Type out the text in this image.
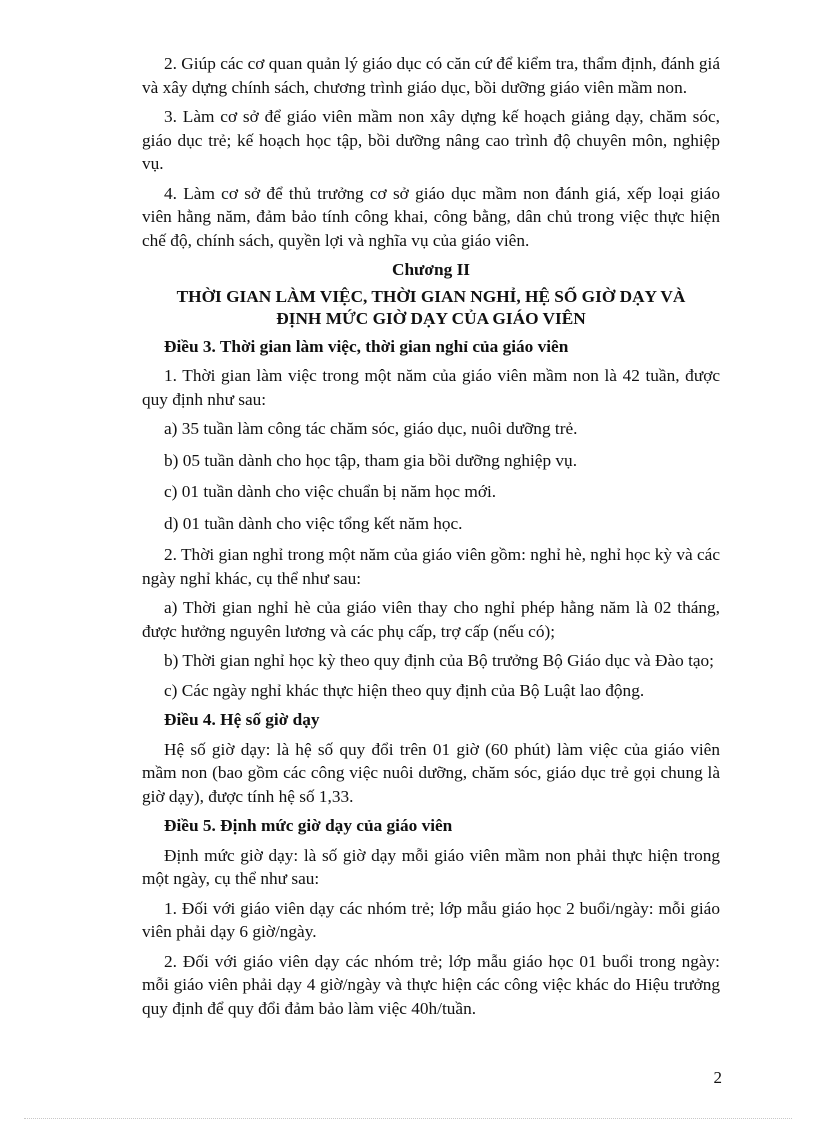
2. Giúp các cơ quan quản lý giáo dục có căn cứ để kiểm tra, thẩm định, đánh giá và xây dựng chính sách, chương trình giáo dục, bồi dưỡng giáo viên mầm non.

3. Làm cơ sở để giáo viên mầm non xây dựng kế hoạch giảng dạy, chăm sóc, giáo dục trẻ; kế hoạch học tập, bồi dưỡng nâng cao trình độ chuyên môn, nghiệp vụ.

4. Làm cơ sở để thủ trưởng cơ sở giáo dục mầm non đánh giá, xếp loại giáo viên hằng năm, đảm bảo tính công khai, công bằng, dân chủ trong việc thực hiện chế độ, chính sách, quyền lợi và nghĩa vụ của giáo viên.

Chương II
THỜI GIAN LÀM VIỆC, THỜI GIAN NGHỈ, HỆ SỐ GIỜ DẠY VÀ
ĐỊNH MỨC GIỜ DẠY CỦA GIÁO VIÊN

Điều 3. Thời gian làm việc, thời gian nghỉ của giáo viên

1. Thời gian làm việc trong một năm của giáo viên mầm non là 42 tuần, được quy định như sau:

a) 35 tuần làm công tác chăm sóc, giáo dục, nuôi dưỡng trẻ.

b) 05 tuần dành cho học tập, tham gia bồi dưỡng nghiệp vụ.

c) 01 tuần dành cho việc chuẩn bị năm học mới.

d) 01 tuần dành cho việc tổng kết năm học.

2. Thời gian nghỉ trong một năm của giáo viên gồm: nghỉ hè, nghỉ học kỳ và các ngày nghỉ khác, cụ thể như sau:

a) Thời gian nghỉ hè của giáo viên thay cho nghỉ phép hằng năm là 02 tháng, được hưởng nguyên lương và các phụ cấp, trợ cấp (nếu có);

b) Thời gian nghỉ học kỳ theo quy định của Bộ trưởng Bộ Giáo dục và Đào tạo;

c) Các ngày nghỉ khác thực hiện theo quy định của Bộ Luật lao động.

Điều 4. Hệ số giờ dạy

Hệ số giờ dạy: là hệ số quy đổi trên 01 giờ (60 phút) làm việc của giáo viên mầm non (bao gồm các công việc nuôi dưỡng, chăm sóc, giáo dục trẻ gọi chung là giờ dạy), được tính hệ số 1,33.

Điều 5. Định mức giờ dạy của giáo viên

Định mức giờ dạy: là số giờ dạy mỗi giáo viên mầm non phải thực hiện trong một ngày, cụ thể như sau:

1. Đối với giáo viên dạy các nhóm trẻ; lớp mẫu giáo học 2 buổi/ngày: mỗi giáo viên phải dạy 6 giờ/ngày.

2. Đối với giáo viên dạy các nhóm trẻ; lớp mẫu giáo học 01 buổi trong ngày: mỗi giáo viên phải dạy 4 giờ/ngày và thực hiện các công việc khác do Hiệu trưởng quy định để quy đổi đảm bảo làm việc 40h/tuần.

2
